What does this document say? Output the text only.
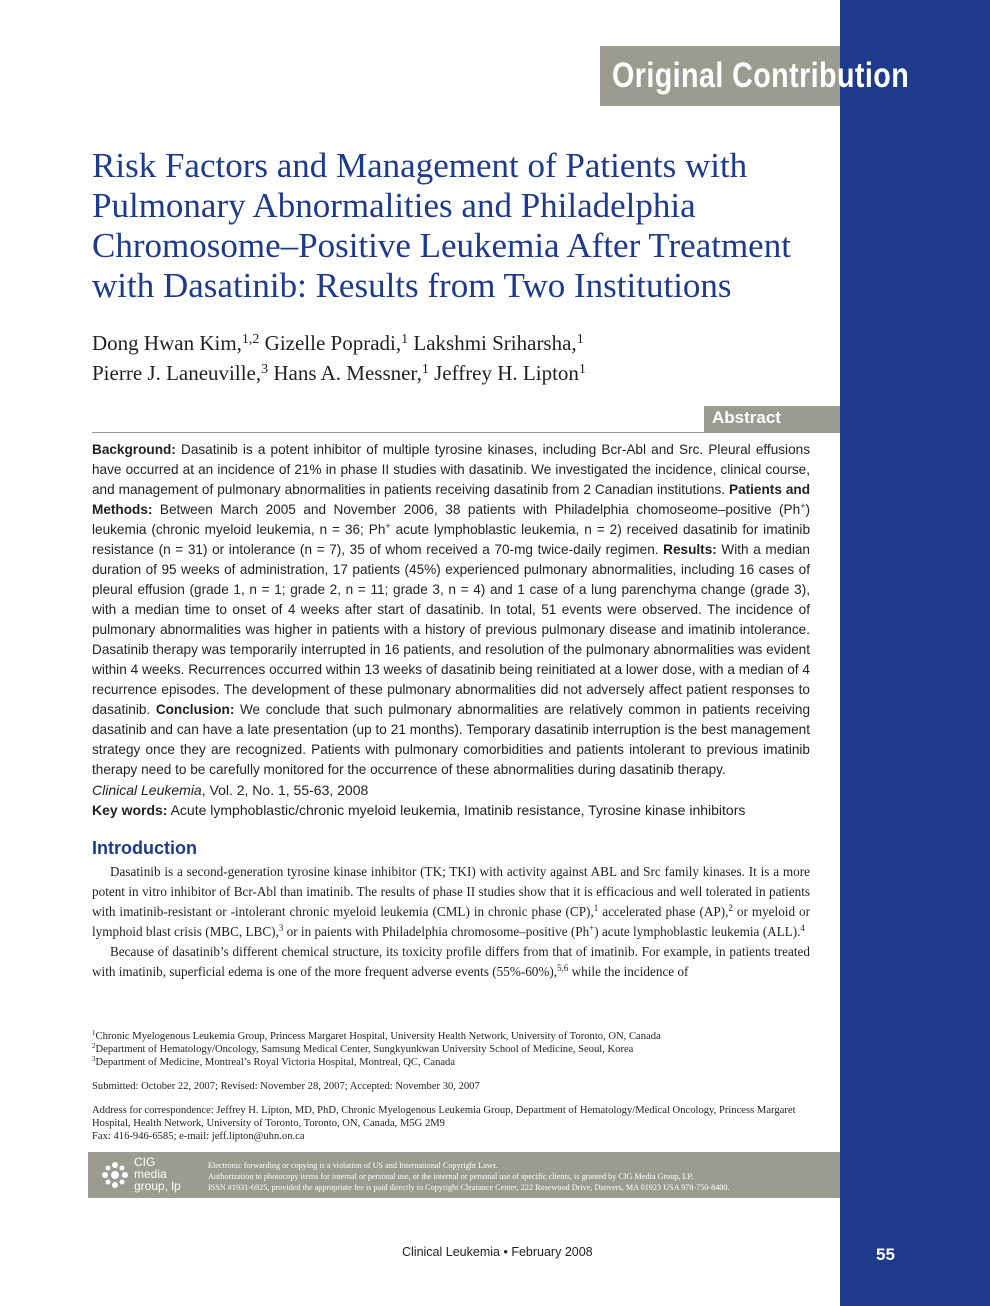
Original Contribution
Risk Factors and Management of Patients with Pulmonary Abnormalities and Philadelphia Chromosome–Positive Leukemia After Treatment with Dasatinib: Results from Two Institutions
Dong Hwan Kim,$^{1,2}$ Gizelle Popradi,$^1$ Lakshmi Sriharsha,$^1$
Pierre J. Laneuville,$^3$ Hans A. Messner,$^1$ Jeffrey H. Lipton$^1$
Abstract
Background: Dasatinib is a potent inhibitor of multiple tyrosine kinases, including Bcr-Abl and Src. Pleural effusions have occurred at an incidence of 21% in phase II studies with dasatinib. We investigated the incidence, clinical course, and management of pulmonary abnormalities in patients receiving dasatinib from 2 Canadian institutions. Patients and Methods: Between March 2005 and November 2006, 38 patients with Philadelphia chomoseome–positive (Ph+) leukemia (chronic myeloid leukemia, n = 36; Ph+ acute lymphoblastic leukemia, n = 2) received dasatinib for imatinib resistance (n = 31) or intolerance (n = 7), 35 of whom received a 70-mg twice-daily regimen. Results: With a median duration of 95 weeks of administration, 17 patients (45%) experienced pulmonary abnormalities, including 16 cases of pleural effusion (grade 1, n = 1; grade 2, n = 11; grade 3, n = 4) and 1 case of a lung parenchyma change (grade 3), with a median time to onset of 4 weeks after start of dasatinib. In total, 51 events were observed. The incidence of pulmonary abnormalities was higher in patients with a history of previous pulmonary disease and imatinib intolerance. Dasatinib therapy was temporarily interrupted in 16 patients, and resolution of the pulmonary abnormalities was evident within 4 weeks. Recurrences occurred within 13 weeks of dasatinib being reinitiated at a lower dose, with a median of 4 recurrence episodes. The development of these pulmonary abnormalities did not adversely affect patient responses to dasatinib. Conclusion: We conclude that such pulmonary abnormalities are relatively common in patients receiving dasatinib and can have a late presentation (up to 21 months). Temporary dasatinib interruption is the best management strategy once they are recognized. Patients with pulmonary comorbidities and patients intolerant to previous imatinib therapy need to be carefully monitored for the occurrence of these abnormalities during dasatinib therapy.
Clinical Leukemia, Vol. 2, No. 1, 55-63, 2008
Key words: Acute lymphoblastic/chronic myeloid leukemia, Imatinib resistance, Tyrosine kinase inhibitors
Introduction

Dasatinib is a second-generation tyrosine kinase inhibitor (TK; TKI) with activity against ABL and Src family kinases. It is a more potent in vitro inhibitor of Bcr-Abl than imatinib. The results of phase II studies show that it is efficacious and well tolerated in patients with imatinib-resistant or -intolerant chronic myeloid leukemia (CML) in chronic phase (CP),$^1$ accelerated phase (AP),$^2$ or myeloid or lymphoid blast crisis (MBC, LBC),$^3$ or in paients with Philadelphia chromosome–positive (Ph+) acute lymphoblastic leukemia (ALL).$^4$

Because of dasatinib’s different chemical structure, its toxicity profile differs from that of imatinib. For example, in patients treated with imatinib, superficial edema is one of the more frequent adverse events (55%-60%),$^{5,6}$ while the incidence of

$^1$Chronic Myelogenous Leukemia Group, Princess Margaret Hospital, University Health Network, University of Toronto, ON, Canada
$^2$Department of Hematology/Oncology, Samsung Medical Center, Sungkyunkwan University School of Medicine, Seoul, Korea
$^3$Department of Medicine, Montreal’s Royal Victoria Hospital, Montreal, QC, Canada
Submitted: October 22, 2007; Revised: November 28, 2007; Accepted: November 30, 2007
Address for correspondence: Jeffrey H. Lipton, MD, PhD, Chronic Myelogenous Leukemia Group, Department of Hematology/Medical Oncology, Princess Margaret Hospital, Health Network, University of Toronto, Toronto, ON, Canada, M5G 2M9
Fax: 416-946-6585; e-mail: jeff.lipton@uhn.on.ca
CIG
media
group, lp
Electronic forwarding or copying is a violation of US and International Copyright Laws.
Authorization to photocopy items for internal or personal use, or the internal or personal use of specific clients, is granted by CIG Media Group, LP,
ISSN #1931-6925, provided the appropriate fee is paid directly to Copyright Clearance Center, 222 Rosewood Drive, Danvers, MA 01923 USA 978-750-8400.
Clinical Leukemia • February 2008	55
